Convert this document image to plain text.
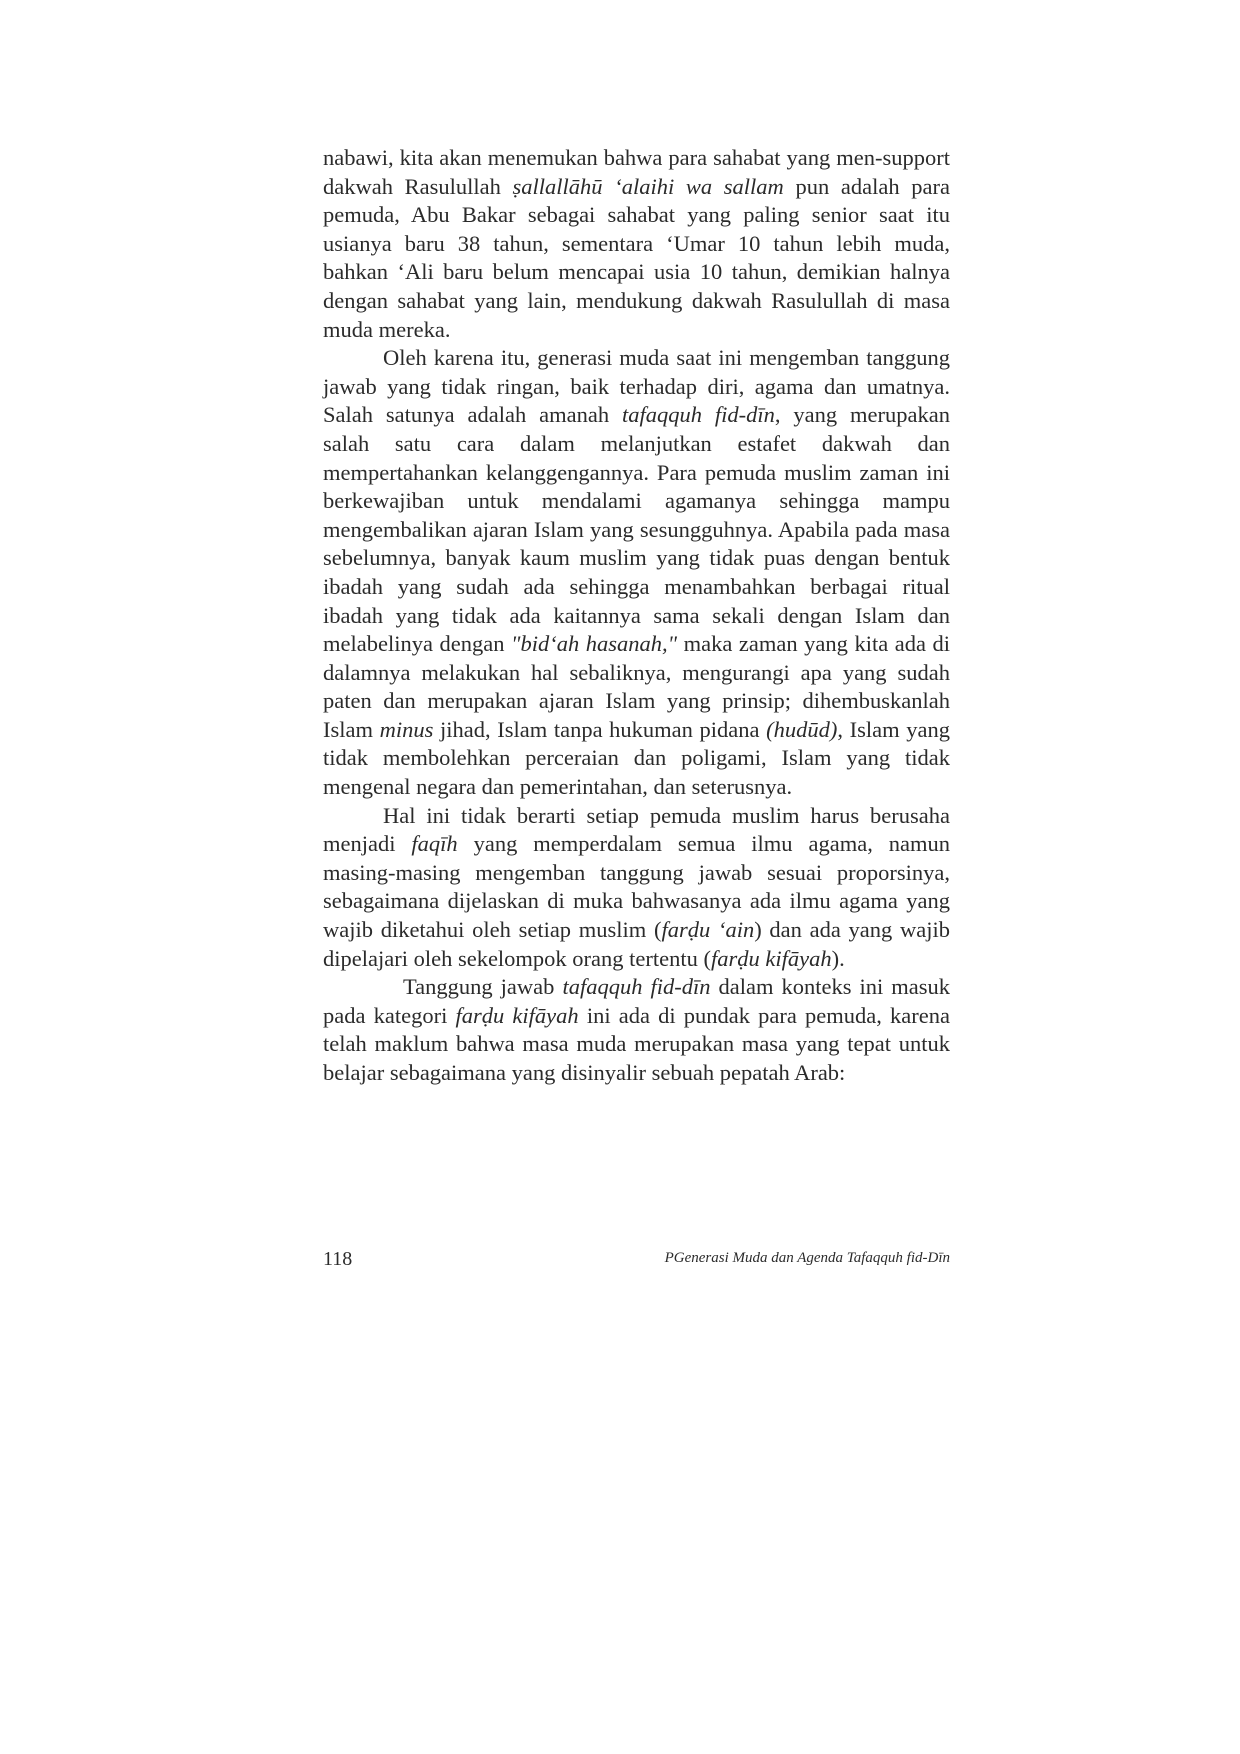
nabawi, kita akan menemukan bahwa para sahabat yang men-support dakwah Rasulullah ṣallallāhū ‘alaihi wa sallam pun adalah para pemuda, Abu Bakar sebagai sahabat yang paling senior saat itu usianya baru 38 tahun, sementara ‘Umar 10 tahun lebih muda, bahkan ‘Ali baru belum mencapai usia 10 tahun, demikian halnya dengan sahabat yang lain, mendukung dakwah Rasulullah di masa muda mereka.

Oleh karena itu, generasi muda saat ini mengemban tanggung jawab yang tidak ringan, baik terhadap diri, agama dan umatnya. Salah satunya adalah amanah tafaqquh fid-dīn, yang merupakan salah satu cara dalam melanjutkan estafet dakwah dan mempertahankan kelanggengannya. Para pemuda muslim zaman ini berkewajiban untuk mendalami agamanya sehingga mampu mengembalikan ajaran Islam yang sesungguhnya. Apabila pada masa sebelumnya, banyak kaum muslim yang tidak puas dengan bentuk ibadah yang sudah ada sehingga menambahkan berbagai ritual ibadah yang tidak ada kaitannya sama sekali dengan Islam dan melabelinya dengan "bid‘ah hasanah," maka zaman yang kita ada di dalamnya melakukan hal sebaliknya, mengurangi apa yang sudah paten dan merupakan ajaran Islam yang prinsip; dihembuskanlah Islam minus jihad, Islam tanpa hukuman pidana (hudūd), Islam yang tidak membolehkan perceraian dan poligami, Islam yang tidak mengenal negara dan pemerintahan, dan seterusnya.

Hal ini tidak berarti setiap pemuda muslim harus berusaha menjadi faqīh yang memperdalam semua ilmu agama, namun masing-masing mengemban tanggung jawab sesuai proporsinya, sebagaimana dijelaskan di muka bahwasanya ada ilmu agama yang wajib diketahui oleh setiap muslim (farḍu ‘ain) dan ada yang wajib dipelajari oleh sekelompok orang tertentu (farḍu kifāyah).

Tanggung jawab tafaqquh fid-dīn dalam konteks ini masuk pada kategori farḍu kifāyah ini ada di pundak para pemuda, karena telah maklum bahwa masa muda merupakan masa yang tepat untuk belajar sebagaimana yang disinyalir sebuah pepatah Arab:

118	PGenerasi Muda dan Agenda Tafaqquh fid-Dīn
